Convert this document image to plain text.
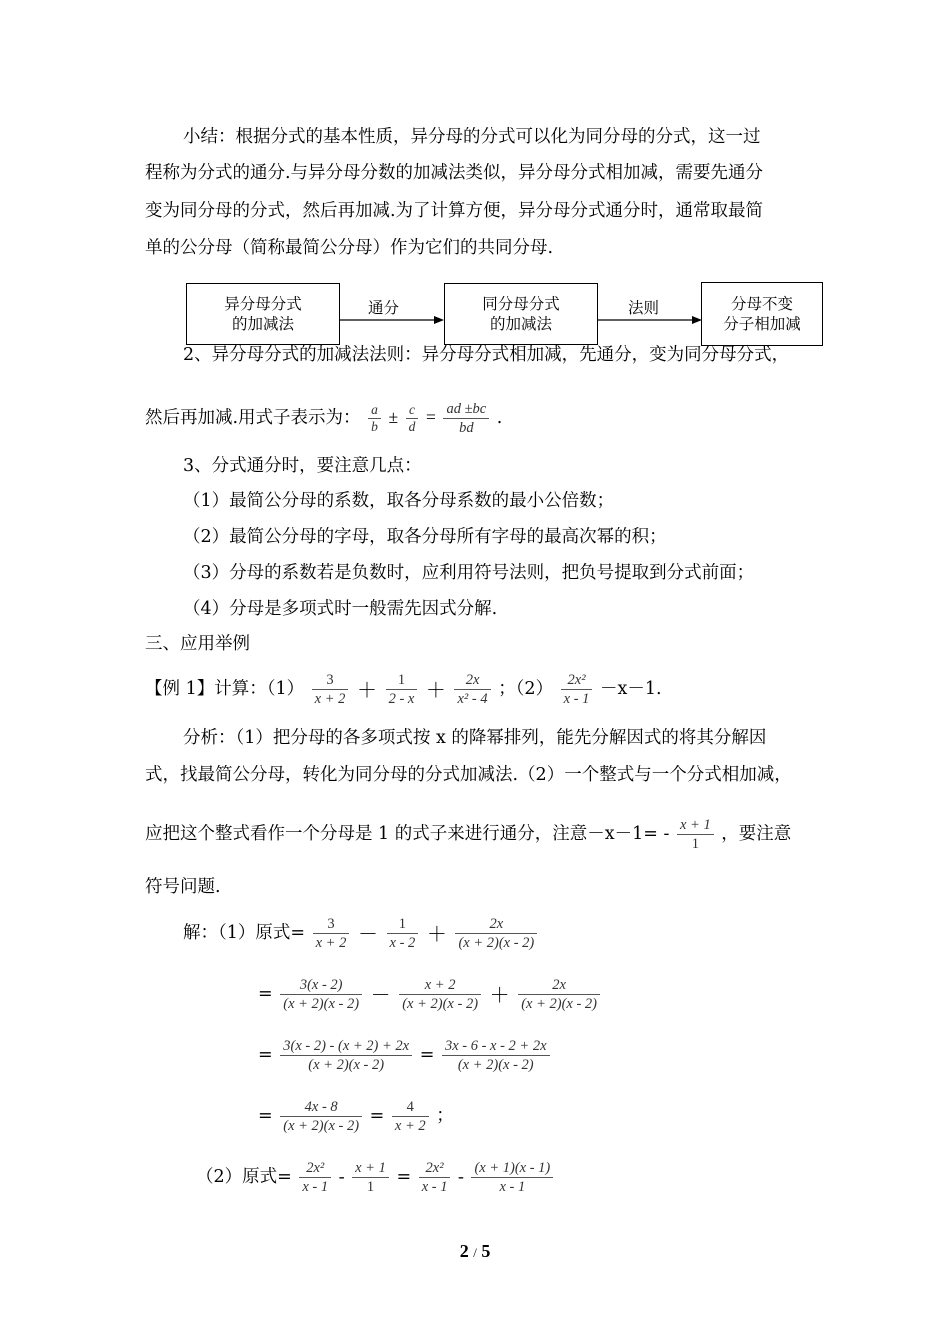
小结：根据分式的基本性质，异分母的分式可以化为同分母的分式，这一过
程称为分式的通分.与异分母分数的加减法类似，异分母分式相加减，需要先通分
变为同分母的分式，然后再加减.为了计算方便，异分母分式通分时，通常取最简
单的公分母（简称最简公分母）作为它们的共同分母.
异分母分式
的加减法
通分	同分母分式
的加减法
法则	分母不变
分子相加减
2、异分母分式的加减法法则：异分母分式相加减，先通分，变为同分母分式，
然后再加减.用式子表示为： $\frac{a}{b} \pm \frac{c}{d} = \frac{ad \pm bc}{bd}$ .
3、分式通分时，要注意几点：
（1）最简公分母的系数，取各分母系数的最小公倍数；
（2）最简公分母的字母，取各分母所有字母的最高次幂的积；
（3）分母的系数若是负数时，应利用符号法则，把负号提取到分式前面；
（4）分母是多项式时一般需先因式分解.
三、应用举例
【例 1】计算：$(1) \frac{3}{x + 2} + \frac{1}{2 - x} + \frac{2x}{\text{x² - 4}}$ ；$(2) \frac{\text{2x²}}{x - 1} -x-1$.
分析：（1）把分母的各多项式按 x 的降幂排列，能先分解因式的将其分解因
式，找最简公分母，转化为同分母的分式加减法.（2）一个整式与一个分式相加减，
应把这个整式看作一个分母是 1 的式子来进行通分，注意$-x-1= - \frac{x + 1}{1}$ ，要注意
符号问题.
解：（1）原式= $\frac{3}{x + 2} - \frac{1}{x - 2} + \frac{2x}{(x + 2)(x - 2)}$
= $\frac{3(x - 2)}{(x + 2)(x - 2)} - \frac{x + 2}{(x + 2)(x - 2)} + \frac{2x}{(x + 2)(x - 2)}$
= $\frac{3(x - 2) - (x + 2) + 2x}{(x + 2)(x - 2)} = \frac{3x - 6 - x - 2 + 2x}{(x + 2)(x - 2)}$
= $\frac{4x - 8}{(x + 2)(x - 2)} = \frac{4}{x + 2}$ ；
（2）原式= $\frac{\text{2x²}}{x - 1} - \frac{x + 1}{1} = \frac{\text{2x²}}{x - 1} - \frac{(x + 1)(x - 1)}{x - 1}$
2 / 5
